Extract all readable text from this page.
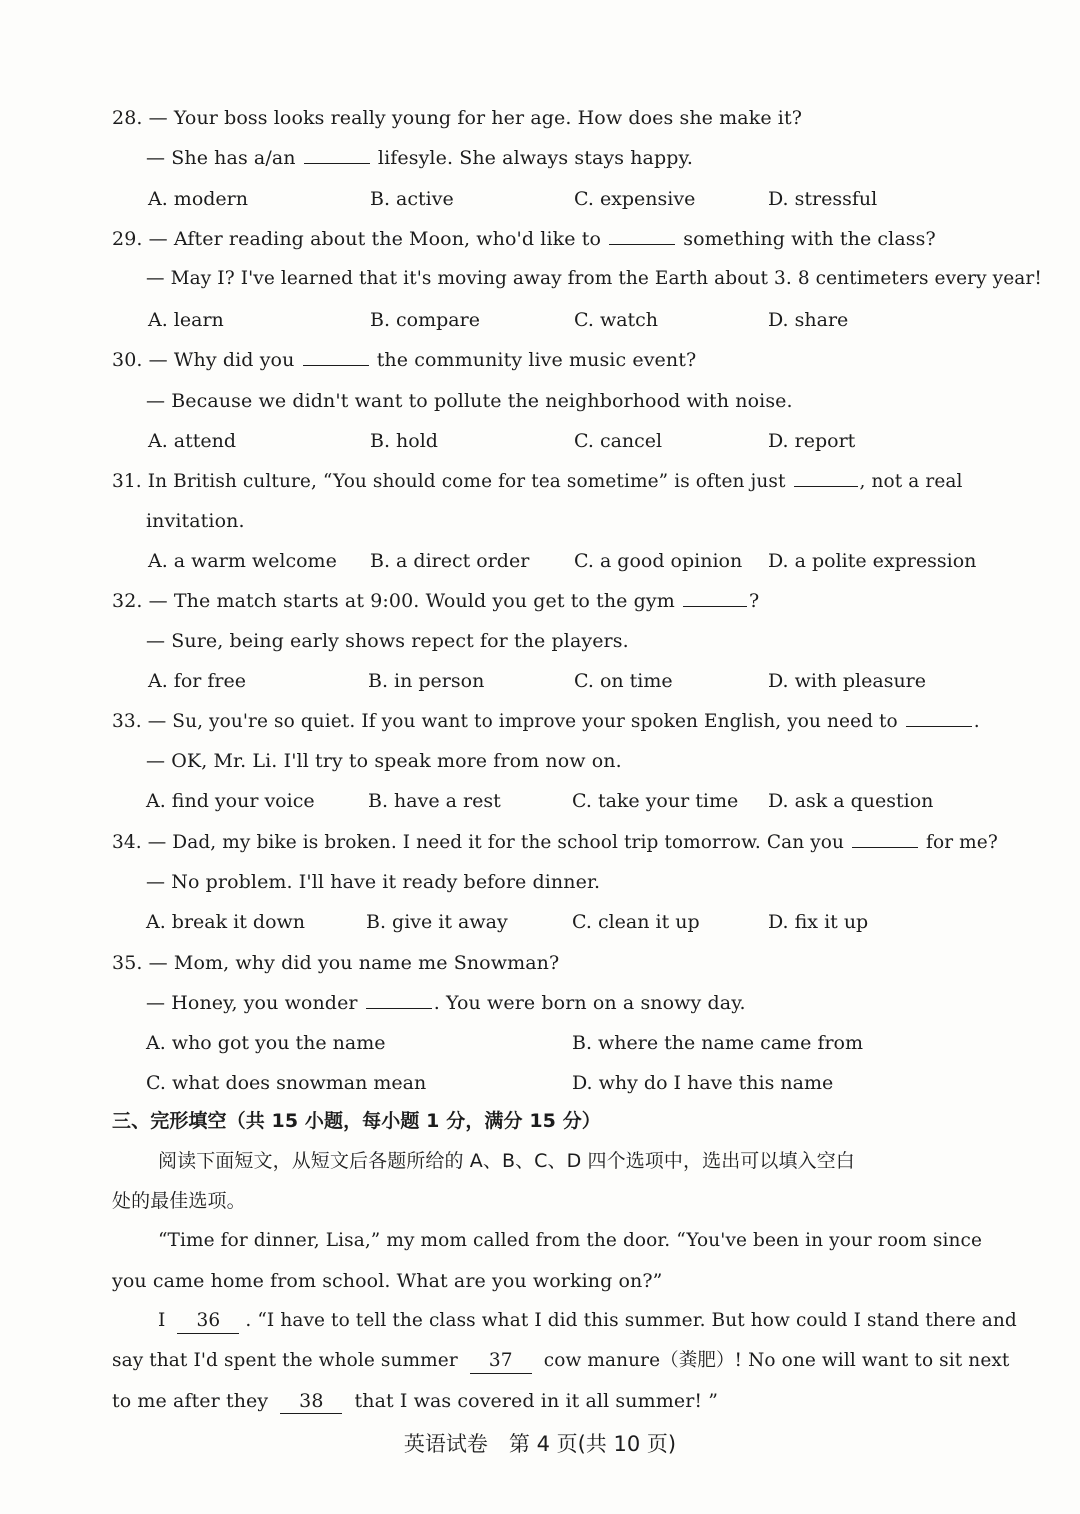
28. — Your boss looks really young for her age. How does she make it?
— She has a/an	lifesyle. She always stays happy.
A. modern	B. active	C. expensive	D. stressful
29. — After reading about the Moon, who'd like to	something with the class?
— May I? I've learned that it's moving away from the Earth about 3. 8 centimeters every year!
A. learn	B. compare	C. watch	D. share
30. — Why did you	the community live music event?
— Because we didn't want to pollute the neighborhood with noise.
A. attend	B. hold	C. cancel	D. report
31. In British culture, “You should come for tea sometime” is often just	, not a real
invitation.
A. a warm welcome B. a direct order C. a good opinion D. a polite expression
32. — The match starts at 9:00. Would you get to the gym	?
— Sure, being early shows repect for the players.
A. for free	B. in person	C. on time	D. with pleasure
33. — Su, you're so quiet. If you want to improve your spoken English, you need to	.
— OK, Mr. Li. I'll try to speak more from now on.
A. find your voice	B. have a rest	C. take your time D. ask a question
34. — Dad, my bike is broken. I need it for the school trip tomorrow. Can you	for me?
— No problem. I'll have it ready before dinner.
A. break it down	B. give it away	C. clean it up	D. fix it up
35. — Mom, why did you name me Snowman?
— Honey, you wonder	. You were born on a snowy day.
A. who got you the name	B. where the name came from
C. what does snowman mean	D. why do I have this name
三、完形填空（共 15 小题，每小题 1 分，满分 15 分）
阅读下面短文，从短文后各题所给的 A、B、C、D 四个选项中，选出可以填入空白
处的最佳选项。
“Time for dinner, Lisa,” my mom called from the door. “You've been in your room since
you came home from school. What are you working on?”
I 36 . “I have to tell the class what I did this summer. But how could I stand there and
say that I'd spent the whole summer 37 cow manure（粪肥）! No one will want to sit next
to me after they 38 that I was covered in it all summer! ”
英语试卷　第 4 页(共 10 页)
